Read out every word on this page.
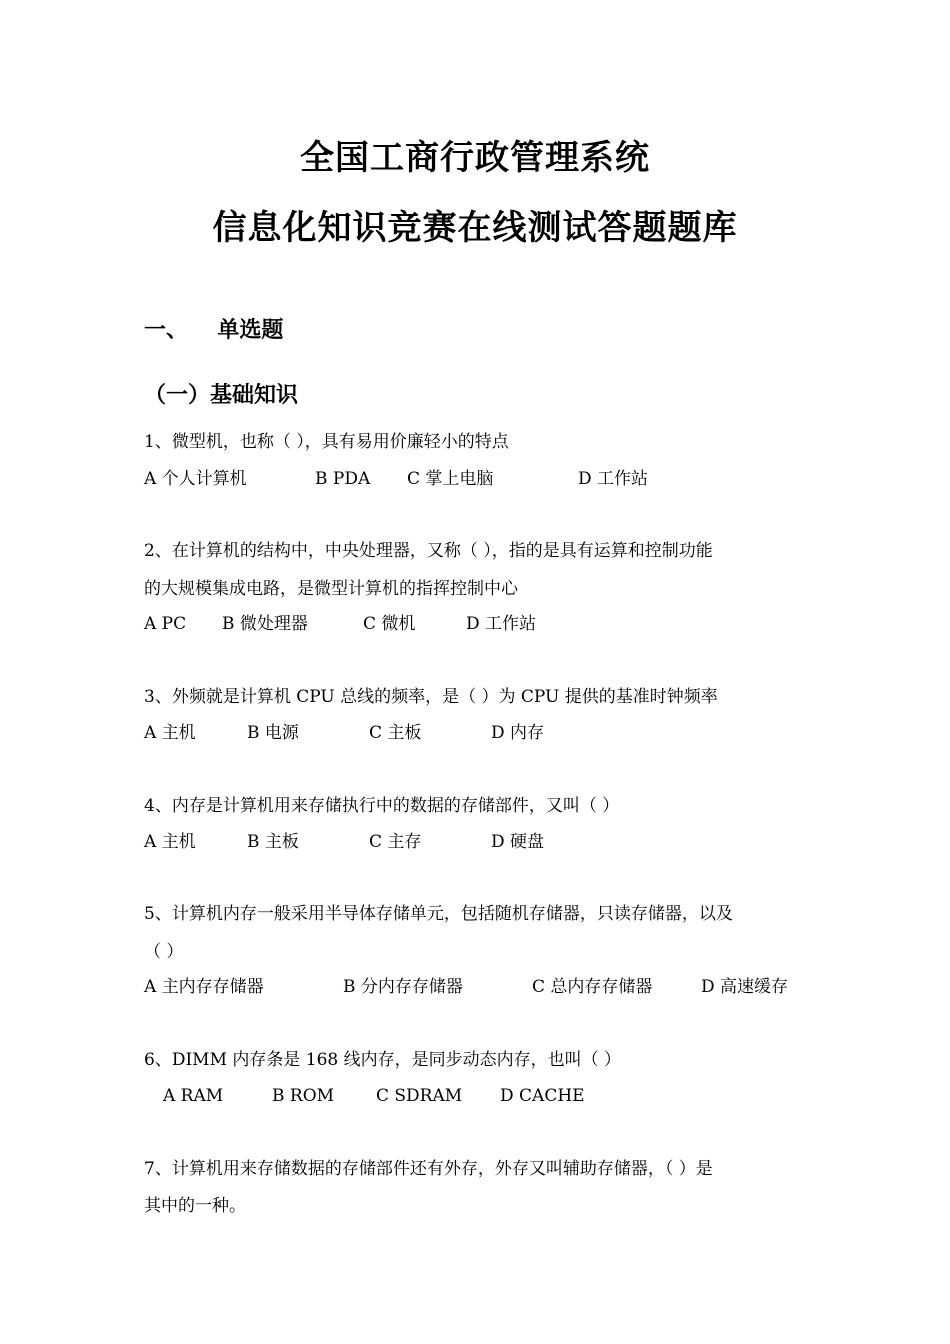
全国工商行政管理系统
信息化知识竞赛在线测试答题题库
一、 单选题
（一）基础知识
1、微型机，也称（ ），具有易用价廉轻小的特点
A 个人计算机	B PDA C 掌上电脑	D 工作站
2、在计算机的结构中，中央处理器，又称（ ），指的是具有运算和控制功能
的大规模集成电路，是微型计算机的指挥控制中心
A PC B 微处理器	C 微机	D 工作站
3、外频就是计算机 CPU 总线的频率，是（ ）为 CPU 提供的基准时钟频率
A 主机	B 电源	C 主板	D 内存
4、内存是计算机用来存储执行中的数据的存储部件，又叫（ ）
A 主机	B 主板	C 主存	D 硬盘
5、计算机内存一般采用半导体存储单元，包括随机存储器，只读存储器，以及
（ ）
A 主内存存储器	B 分内存存储器	C 总内存存储器	D 高速缓存
6、DIMM 内存条是 168 线内存，是同步动态内存，也叫（ ）
A RAM	B ROM C SDRAM D CACHE
7、计算机用来存储数据的存储部件还有外存，外存又叫辅助存储器，（ ）是
其中的一种。
